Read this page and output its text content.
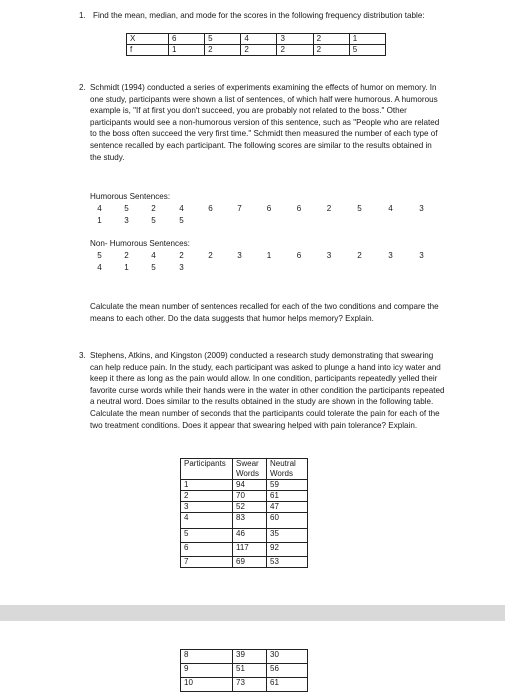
1. Find the mean, median, and mode for the scores in the following frequency distribution table:

X	6	5	4	3	2	1
f	1	2	2	2	2	5
2. Schmidt (1994) conducted a series of experiments examining the effects of humor on memory. In one study, participants were shown a list of sentences, of which half were humorous. A humorous example is, "If at first you don't succeed, you are probably not related to the boss." Other participants would see a non-humorous version of this sentence, such as "People who are related to the boss often succeed the very first time." Schmidt then measured the number of each type of sentence recalled by each participant. The following scores are similar to the results obtained in the study.

Humorous Sentences:
4	5	2	4	6	7	6	6	2	5	4	3
1	3	5	5
Non- Humorous Sentences:
5	2	4	2	2	3	1	6	3	2	3	3
4	1	5	3

Calculate the mean number of sentences recalled for each of the two conditions and compare the means to each other. Do the data suggests that humor helps memory? Explain.

3. Stephens, Atkins, and Kingston (2009) conducted a research study demonstrating that swearing can help reduce pain. In the study, each participant was asked to plunge a hand into icy water and keep it there as long as the pain would allow. In one condition, participants repeatedly yelled their favorite curse words while their hands were in the water in other condition the participants repeated a neutral word. Does similar to the results obtained in the study are shown in the following table. Calculate the mean number of seconds that the participants could tolerate the pain for each of the two treatment conditions. Does it appear that swearing helped with pain tolerance? Explain.

Participants	Swear Words	Neutral Words
1	94	59
2	70	61
3	52	47
4	83	60
5	46	35
6	117	92
7	69	53
8	39	30
9	51	56
10	73	61
